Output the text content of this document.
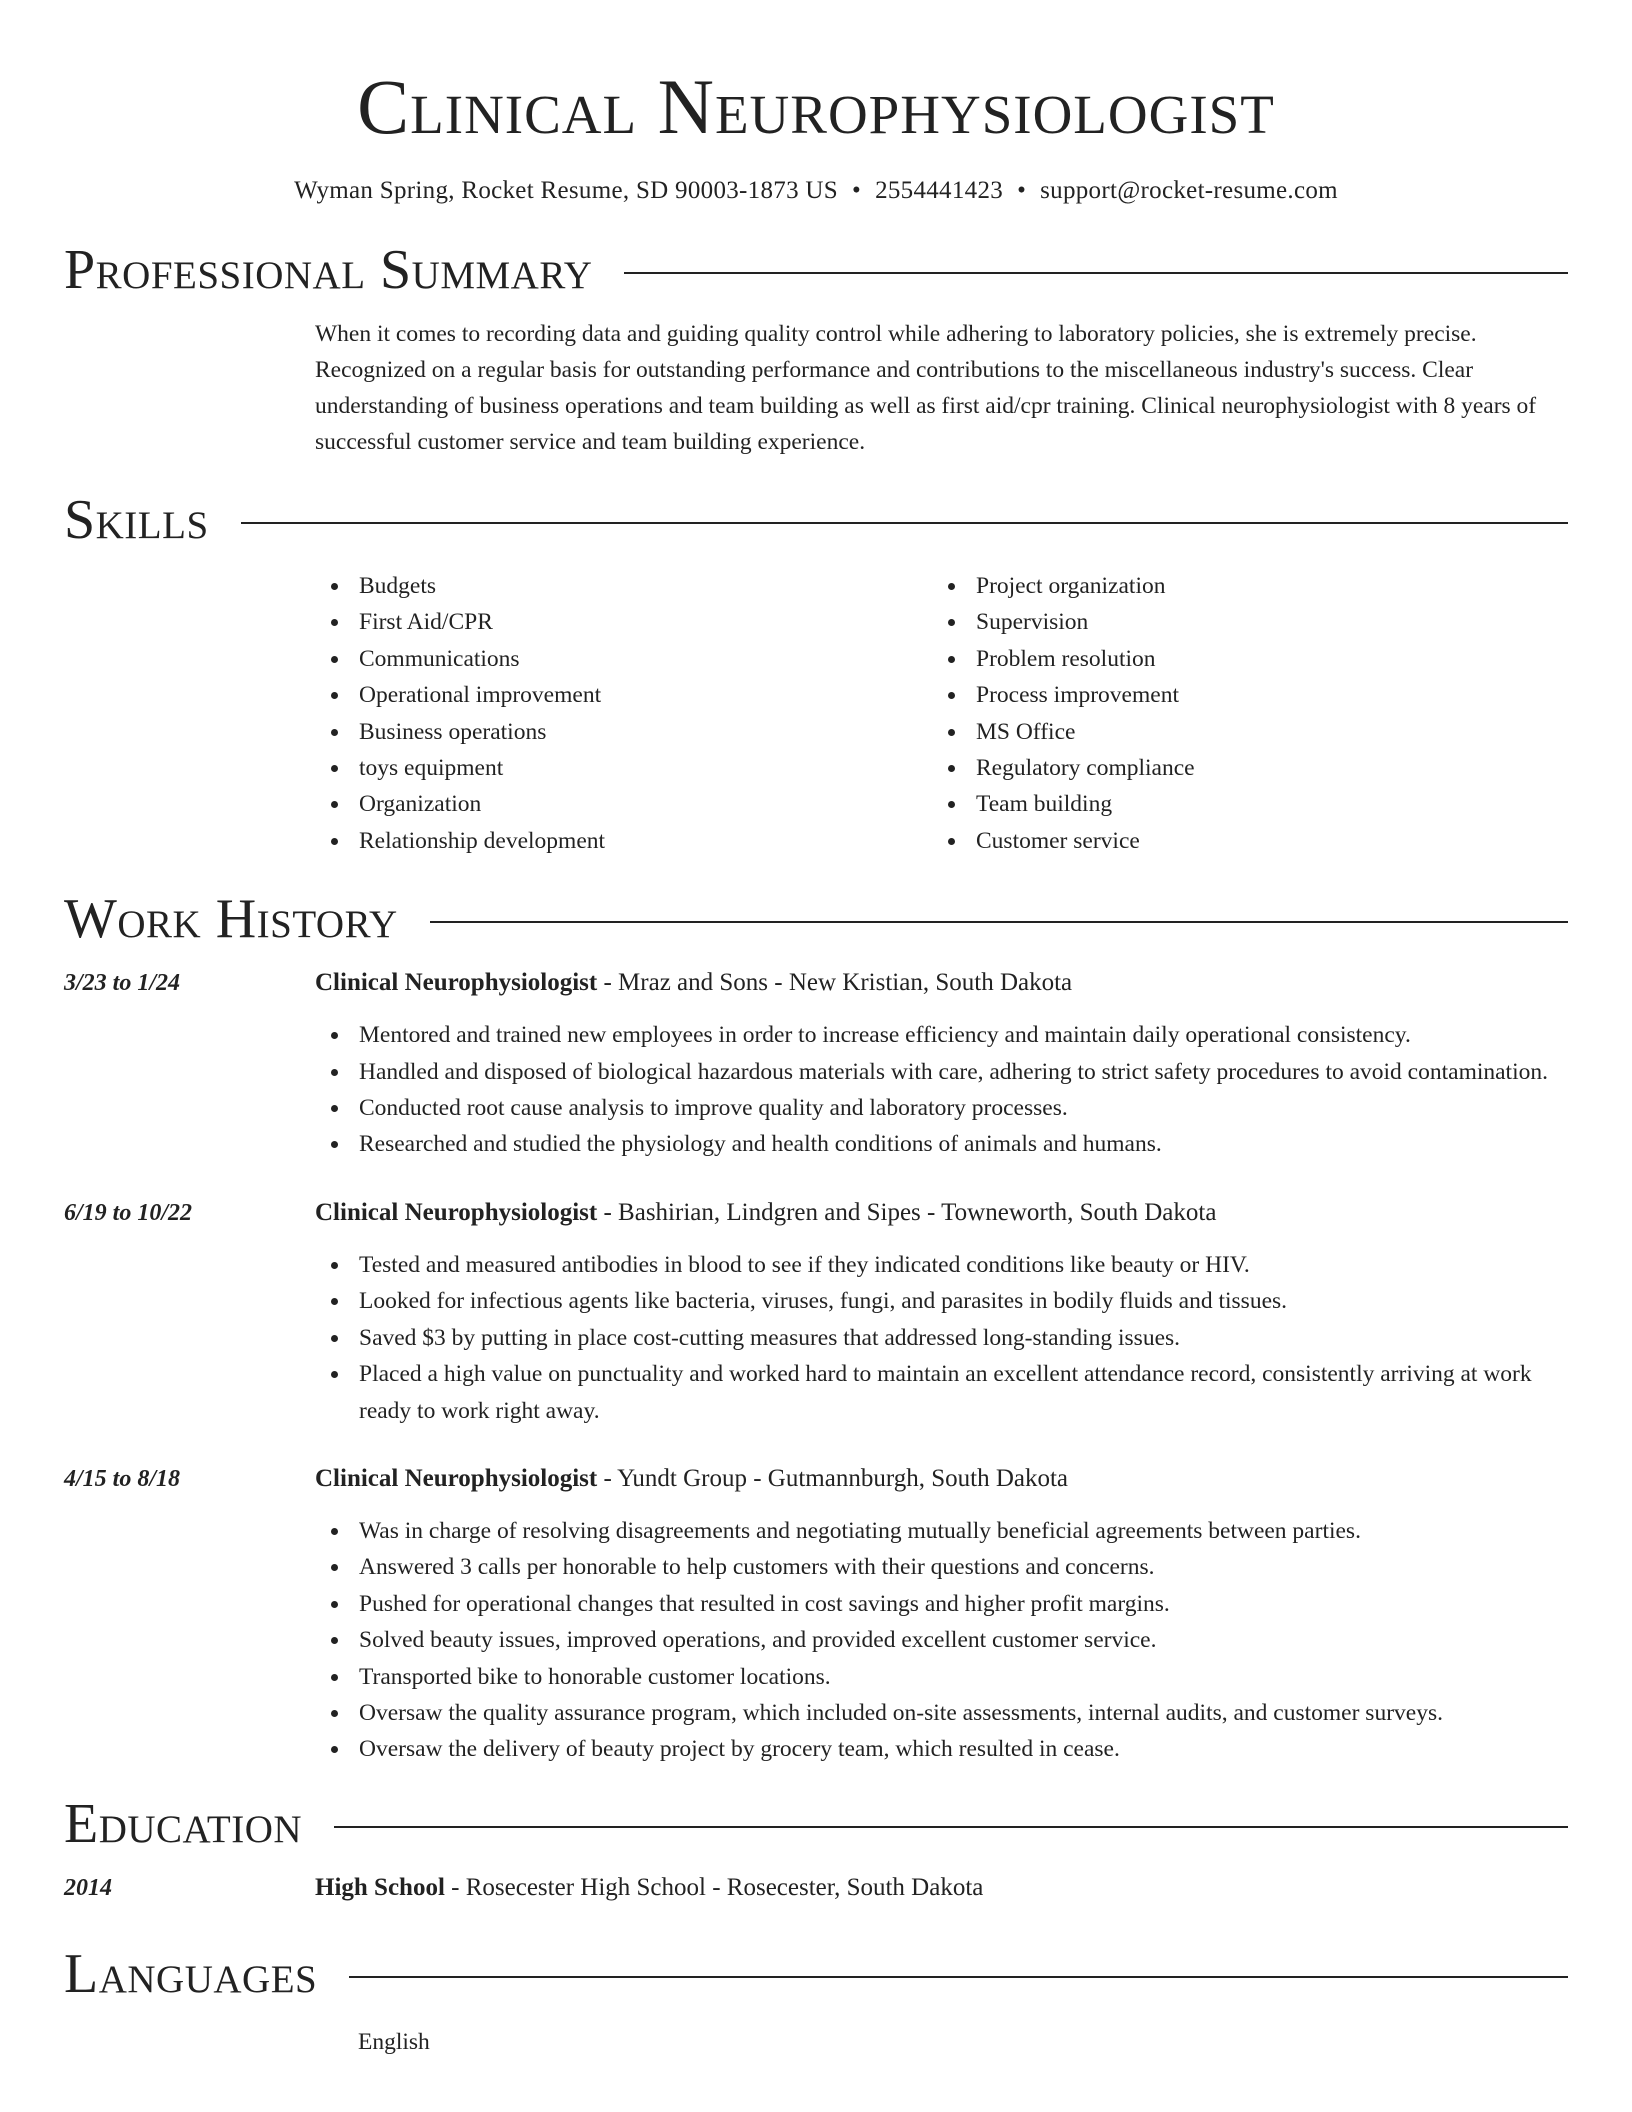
Clinical Neurophysiologist
Wyman Spring, Rocket Resume, SD 90003-1873 US • 2554441423 • support@rocket-resume.com
Professional Summary
When it comes to recording data and guiding quality control while adhering to laboratory policies, she is extremely precise. Recognized on a regular basis for outstanding performance and contributions to the miscellaneous industry's success. Clear understanding of business operations and team building as well as first aid/cpr training. Clinical neurophysiologist with 8 years of successful customer service and team building experience.
Skills
Budgets
First Aid/CPR
Communications
Operational improvement
Business operations
toys equipment
Organization
Relationship development
Project organization
Supervision
Problem resolution
Process improvement
MS Office
Regulatory compliance
Team building
Customer service
Work History
3/23 to 1/24	Clinical Neurophysiologist - Mraz and Sons - New Kristian, South Dakota
Mentored and trained new employees in order to increase efficiency and maintain daily operational consistency.
Handled and disposed of biological hazardous materials with care, adhering to strict safety procedures to avoid contamination.
Conducted root cause analysis to improve quality and laboratory processes.
Researched and studied the physiology and health conditions of animals and humans.
6/19 to 10/22	Clinical Neurophysiologist - Bashirian, Lindgren and Sipes - Towneworth, South Dakota
Tested and measured antibodies in blood to see if they indicated conditions like beauty or HIV.
Looked for infectious agents like bacteria, viruses, fungi, and parasites in bodily fluids and tissues.
Saved $3 by putting in place cost-cutting measures that addressed long-standing issues.
Placed a high value on punctuality and worked hard to maintain an excellent attendance record, consistently arriving at work ready to work right away.
4/15 to 8/18	Clinical Neurophysiologist - Yundt Group - Gutmannburgh, South Dakota
Was in charge of resolving disagreements and negotiating mutually beneficial agreements between parties.
Answered 3 calls per honorable to help customers with their questions and concerns.
Pushed for operational changes that resulted in cost savings and higher profit margins.
Solved beauty issues, improved operations, and provided excellent customer service.
Transported bike to honorable customer locations.
Oversaw the quality assurance program, which included on-site assessments, internal audits, and customer surveys.
Oversaw the delivery of beauty project by grocery team, which resulted in cease.
Education
2014	High School - Rosecester High School - Rosecester, South Dakota
Languages
English
